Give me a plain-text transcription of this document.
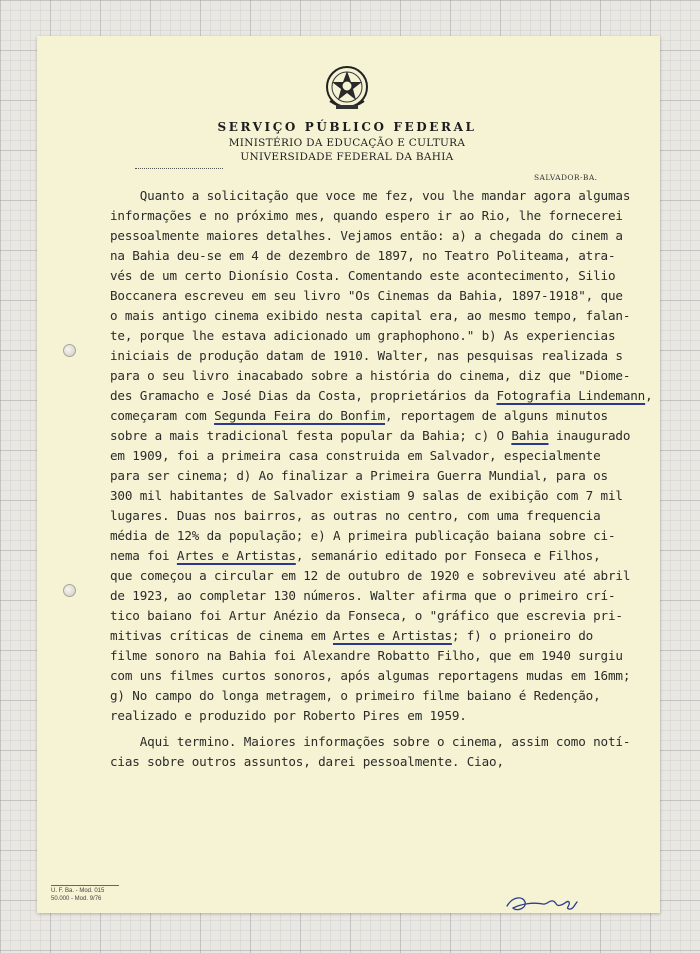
SERVIÇO PÚBLICO FEDERAL
MINISTÉRIO DA EDUCAÇÃO E CULTURA
UNIVERSIDADE FEDERAL DA BAHIA
SALVADOR-BA.
Quanto a solicitação que voce me fez, vou lhe mandar agora algumas
informações e no próximo mes, quando espero ir ao Rio, lhe fornecerei
pessoalmente maiores detalhes. Vejamos então: a) a chegada do cinem a
na Bahia deu-se em 4 de dezembro de 1897, no Teatro Politeama, atra-
vés de um certo Dionísio Costa. Comentando este acontecimento, Silio
Boccanera escreveu em seu livro "Os Cinemas da Bahia, 1897-1918", que
o mais antigo cinema exibido nesta capital era, ao mesmo tempo, falan-
te, porque lhe estava adicionado um graphophono." b) As experiencias
iniciais de produção datam de 1910. Walter, nas pesquisas realizada s
para o seu livro inacabado sobre a história do cinema, diz que "Diome-
des Gramacho e José Dias da Costa, proprietários da Fotografia Lindemann,
começaram com Segunda Feira do Bonfim, reportagem de alguns minutos
sobre a mais tradicional festa popular da Bahia; c) O Bahia inaugurado
em 1909, foi a primeira casa construida em Salvador, especialmente
para ser cinema; d) Ao finalizar a Primeira Guerra Mundial, para os
300 mil habitantes de Salvador existiam 9 salas de exibição com 7 mil
lugares. Duas nos bairros, as outras no centro, com uma frequencia
média de 12% da população; e) A primeira publicação baiana sobre ci-
nema foi Artes e Artistas, semanário editado por Fonseca e Filhos,
que começou a circular em 12 de outubro de 1920 e sobreviveu até abril
de 1923, ao completar 130 números. Walter afirma que o primeiro crí-
tico baiano foi Artur Anézio da Fonseca, o "gráfico que escrevia pri-
mitivas críticas de cinema em Artes e Artistas; f) o prioneiro do
filme sonoro na Bahia foi Alexandre Robatto Filho, que em 1940 surgiu
com uns filmes curtos sonoros, após algumas reportagens mudas em 16mm;
g) No campo do longa metragem, o primeiro filme baiano é Redenção,
realizado e produzido por Roberto Pires em 1959.
Aqui termino. Maiores informações sobre o cinema, assim como notí-
cias sobre outros assuntos, darei pessoalmente. Ciao,
U. F. Ba. - Mod. 015
50.000 - Mod. 9/76
